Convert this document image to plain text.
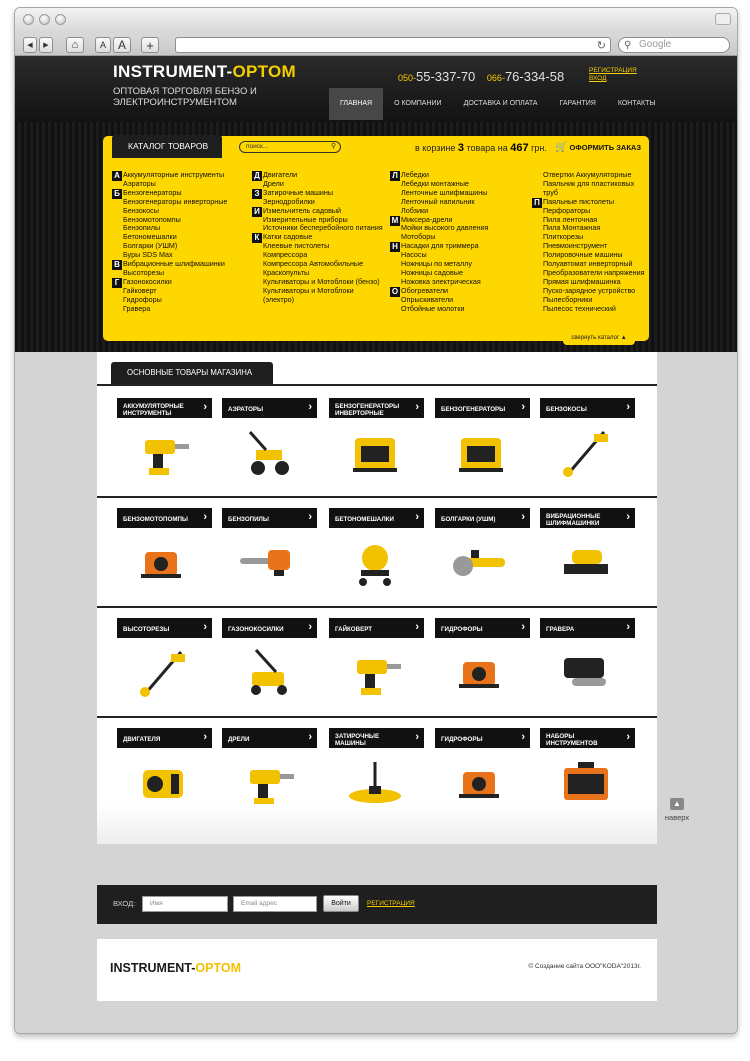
◀ ▶ ⌂ A A +	↻ ⚲ Google
INSTRUMENT-OPTOM
ОПТОВАЯ ТОРГОВЛЯ БЕНЗО И ЭЛЕКТРОИНСТРУМЕНТОМ
050-55-337-70 066-76-334-58	РЕГИСТРАЦИЯ
ВХОД
ГЛАВНАЯ	О КОМПАНИИ	ДОСТАВКА И ОПЛАТА	ГАРАНТИЯ	КОНТАКТЫ
КАТАЛОГ ТОВАРОВ	поиск...	⚲	в корзине 3 товара на 467 грн. 🛒 ОФОРМИТЬ ЗАКАЗ
А Аккумуляторные инструменты
Аэраторы
Б Бензогенераторы
Бензогенераторы инверторные
Бензокосы
Бензомотопомпы
Бензопилы
Бетономешалки
Болгарки (УШМ)
Буры SDS Max
В Вибрационные шлифмашинки
Высоторезы
Г Газонокосилки
Гайковерт
Гидрофоры
Гравера
Д Двигатели
Дрели
З Затирочные машины
Зернодробилки
И Измельчитель садовый
Измерительные приборы
Источники бесперебойного питания
К Катки садовые
Клеевые пистолеты
Компрессора
Компрессора Автомобильные
Краскопульты
Культиваторы и Мотоблоки (бензо)
Культиваторы и Мотоблоки (электро)
Л Лебедки
Лебедки монтажные
Ленточные шлифмашины
Ленточный напильник
Лобзики
М Миксера-дрели
Мойки высокого давления
Мотоборы
Н Насадки для триммера
Насосы
Ножницы по металлу
Ножницы садовые
Ножовка электрическая
О Обогреватели
Опрыскиватели
Отбойные молотки
Отвертки Аккумуляторные
Паяльник для пластиковых труб
П Паяльные пистолеты
Перфораторы
Пила ленточная
Пила Монтажная
Плиткорезы
Пневмоинструмент
Полировочные машины
Полуавтомат инверторный
Преобразователи напряжения
Прямая шлифмашинка
Пуско-зарядное устройство
Пылесборники
Пылесос технический
свернуть каталог ▲
ОСНОВНЫЕ ТОВАРЫ МАГАЗИНА
АККУМУЛЯТОРНЫЕ ИНСТРУМЕНТЫ	›	АЭРАТОРЫ	›	БЕНЗОГЕНЕРАТОРЫ ИНВЕРТОРНЫЕ	›	БЕНЗОГЕНЕРАТОРЫ ›	БЕНЗОКОСЫ	›
БЕНЗОМОТОПОМПЫ ›	БЕНЗОПИЛЫ	›	БЕТОНОМЕШАЛКИ ›	БОЛГАРКИ (УШМ) ›	ВИБРАЦИОННЫЕ ШЛИФМАШИНКИ	›
ВЫСОТОРЕЗЫ	›	ГАЗОНОКОСИЛКИ ›	ГАЙКОВЕРТ	›	ГИДРОФОРЫ	›	ГРАВЕРА	›
ДВИГАТЕЛЯ	›	ДРЕЛИ	›	ЗАТИРОЧНЫЕ МАШИНЫ	›	ГИДРОФОРЫ	›	НАБОРЫ ИНСТРУМЕНТОВ	›
▲
наверх
ВХОД:	Имя	Email адрес	Войти	РЕГИСТРАЦИЯ
INSTRUMENT-OPTOM	© Создание сайта ООО"KODA"2013г.
